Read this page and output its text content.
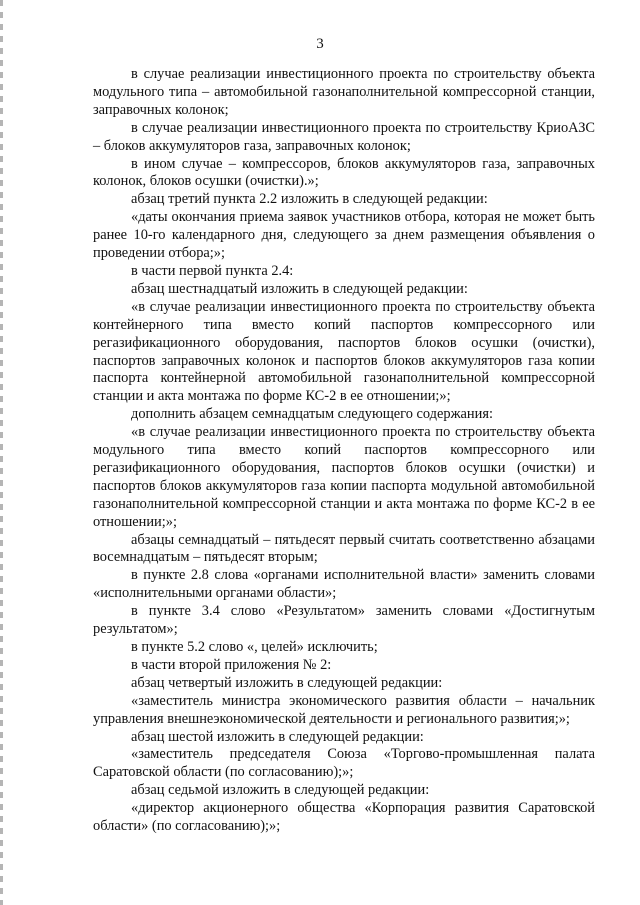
3

в случае реализации инвестиционного проекта по строительству объекта модульного типа – автомобильной газонаполнительной компрессорной станции, заправочных колонок;

в случае реализации инвестиционного проекта по строительству КриоАЗС – блоков аккумуляторов газа, заправочных колонок;

в ином случае – компрессоров, блоков аккумуляторов газа, заправочных колонок, блоков осушки (очистки).»;

абзац третий пункта 2.2 изложить в следующей редакции:

«даты окончания приема заявок участников отбора, которая не может быть ранее 10-го календарного дня, следующего за днем размещения объявления о проведении отбора;»;

в части первой пункта 2.4:

абзац шестнадцатый изложить в следующей редакции:

«в случае реализации инвестиционного проекта по строительству объекта контейнерного типа вместо копий паспортов компрессорного или регазификационного оборудования, паспортов блоков осушки (очистки), паспортов заправочных колонок и паспортов блоков аккумуляторов газа копии паспорта контейнерной автомобильной газонаполнительной компрессорной станции и акта монтажа по форме КС-2 в ее отношении;»;

дополнить абзацем семнадцатым следующего содержания:

«в случае реализации инвестиционного проекта по строительству объекта модульного типа вместо копий паспортов компрессорного или регазификационного оборудования, паспортов блоков осушки (очистки) и паспортов блоков аккумуляторов газа копии паспорта модульной автомобильной газонаполнительной компрессорной станции и акта монтажа по форме КС-2 в ее отношении;»;

абзацы семнадцатый – пятьдесят первый считать соответственно абзацами восемнадцатым – пятьдесят вторым;

в пункте 2.8 слова «органами исполнительной власти» заменить словами «исполнительными органами области»;

в пункте 3.4 слово «Результатом» заменить словами «Достигнутым результатом»;

в пункте 5.2 слово «, целей» исключить;

в части второй приложения № 2:

абзац четвертый изложить в следующей редакции:

«заместитель министра экономического развития области – начальник управления внешнеэкономической деятельности и регионального развития;»;

абзац шестой изложить в следующей редакции:

«заместитель председателя Союза «Торгово-промышленная палата Саратовской области (по согласованию);»;

абзац седьмой изложить в следующей редакции:

«директор акционерного общества «Корпорация развития Саратовской области» (по согласованию);»;
